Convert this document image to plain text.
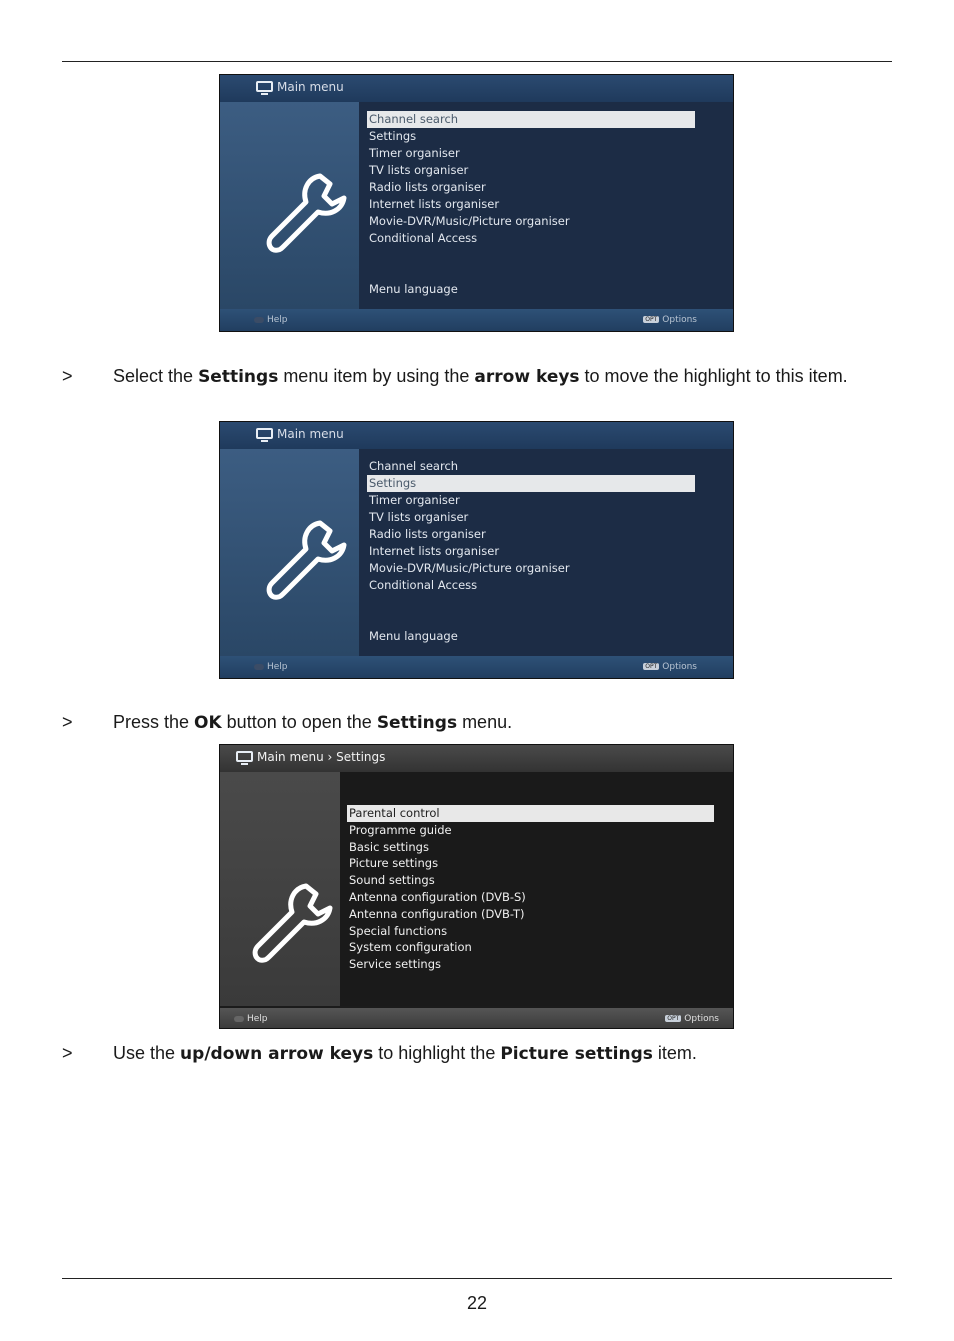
Main menu
Channel search
Settings
Timer organiser
TV lists organiser
Radio lists organiser
Internet lists organiser
Movie-DVR/Music/Picture organiser
Conditional Access
Menu language
Help	OPT Options
> Select the Settings menu item by using the arrow keys to move the highlight to this item.
Main menu
Channel search
Settings
Timer organiser
TV lists organiser
Radio lists organiser
Internet lists organiser
Movie-DVR/Music/Picture organiser
Conditional Access
Menu language
Help	OPT Options
> Press the OK button to open the Settings menu.
Main menu › Settings
Parental control
Programme guide
Basic settings
Picture settings
Sound settings
Antenna configuration (DVB-S)
Antenna configuration (DVB-T)
Special functions
System configuration
Service settings
Help	OPT Options
> Use the up/down arrow keys to highlight the Picture settings item.
22
